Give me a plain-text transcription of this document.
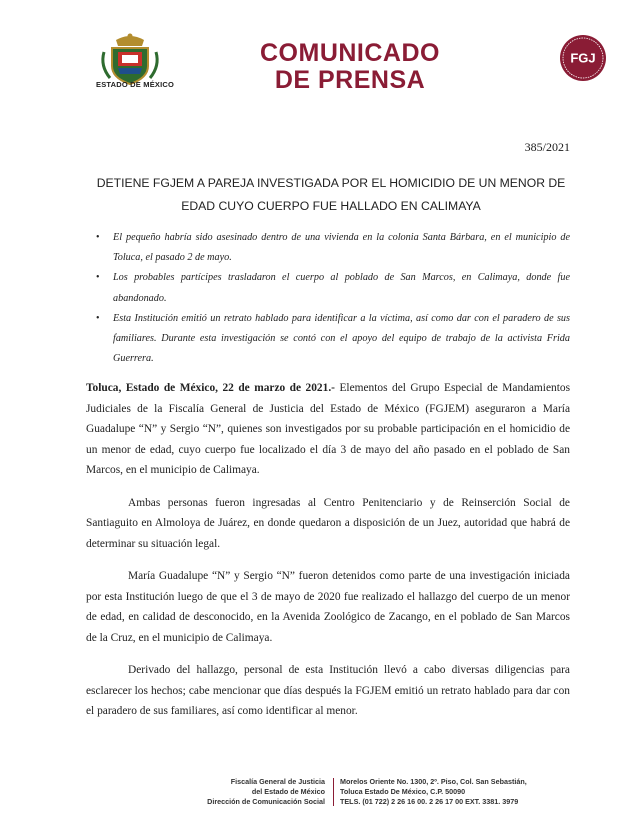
ESTADO DE MÉXICO
COMUNICADO
DE PRENSA
FGJ
385/2021
DETIENE FGJEM A PAREJA INVESTIGADA POR EL HOMICIDIO DE UN MENOR DE
EDAD CUYO CUERPO FUE HALLADO EN CALIMAYA
• El pequeño habría sido asesinado dentro de una vivienda en la colonia Santa Bárbara, en el municipio de Toluca, el pasado 2 de mayo.
• Los probables partícipes trasladaron el cuerpo al poblado de San Marcos, en Calimaya, donde fue abandonado.
• Esta Institución emitió un retrato hablado para identificar a la víctima, así como dar con el paradero de sus familiares. Durante esta investigación se contó con el apoyo del equipo de trabajo de la activista Frida Guerrera.

Toluca, Estado de México, 22 de marzo de 2021.- Elementos del Grupo Especial de Mandamientos Judiciales de la Fiscalía General de Justicia del Estado de México (FGJEM) aseguraron a María Guadalupe “N” y Sergio “N”, quienes son investigados por su probable participación en el homicidio de un menor de edad, cuyo cuerpo fue localizado el día 3 de mayo del año pasado en el poblado de San Marcos, en el municipio de Calimaya.

Ambas personas fueron ingresadas al Centro Penitenciario y de Reinserción Social de Santiaguito en Almoloya de Juárez, en donde quedaron a disposición de un Juez, autoridad que habrá de determinar su situación legal.

María Guadalupe “N” y Sergio “N” fueron detenidos como parte de una investigación iniciada por esta Institución luego de que el 3 de mayo de 2020 fue realizado el hallazgo del cuerpo de un menor de edad, en calidad de desconocido, en la Avenida Zoológico de Zacango, en el poblado de San Marcos de la Cruz, en el municipio de Calimaya.

Derivado del hallazgo, personal de esta Institución llevó a cabo diversas diligencias para esclarecer los hechos; cabe mencionar que días después la FGJEM emitió un retrato hablado para dar con el paradero de sus familiares, así como identificar al menor.

Fiscalía General de Justicia
del Estado de México
Dirección de Comunicación Social
Morelos Oriente No. 1300, 2º. Piso, Col. San Sebastián,
Toluca Estado De México, C.P. 50090
TELS. (01 722) 2 26 16 00. 2 26 17 00 EXT. 3381. 3979
